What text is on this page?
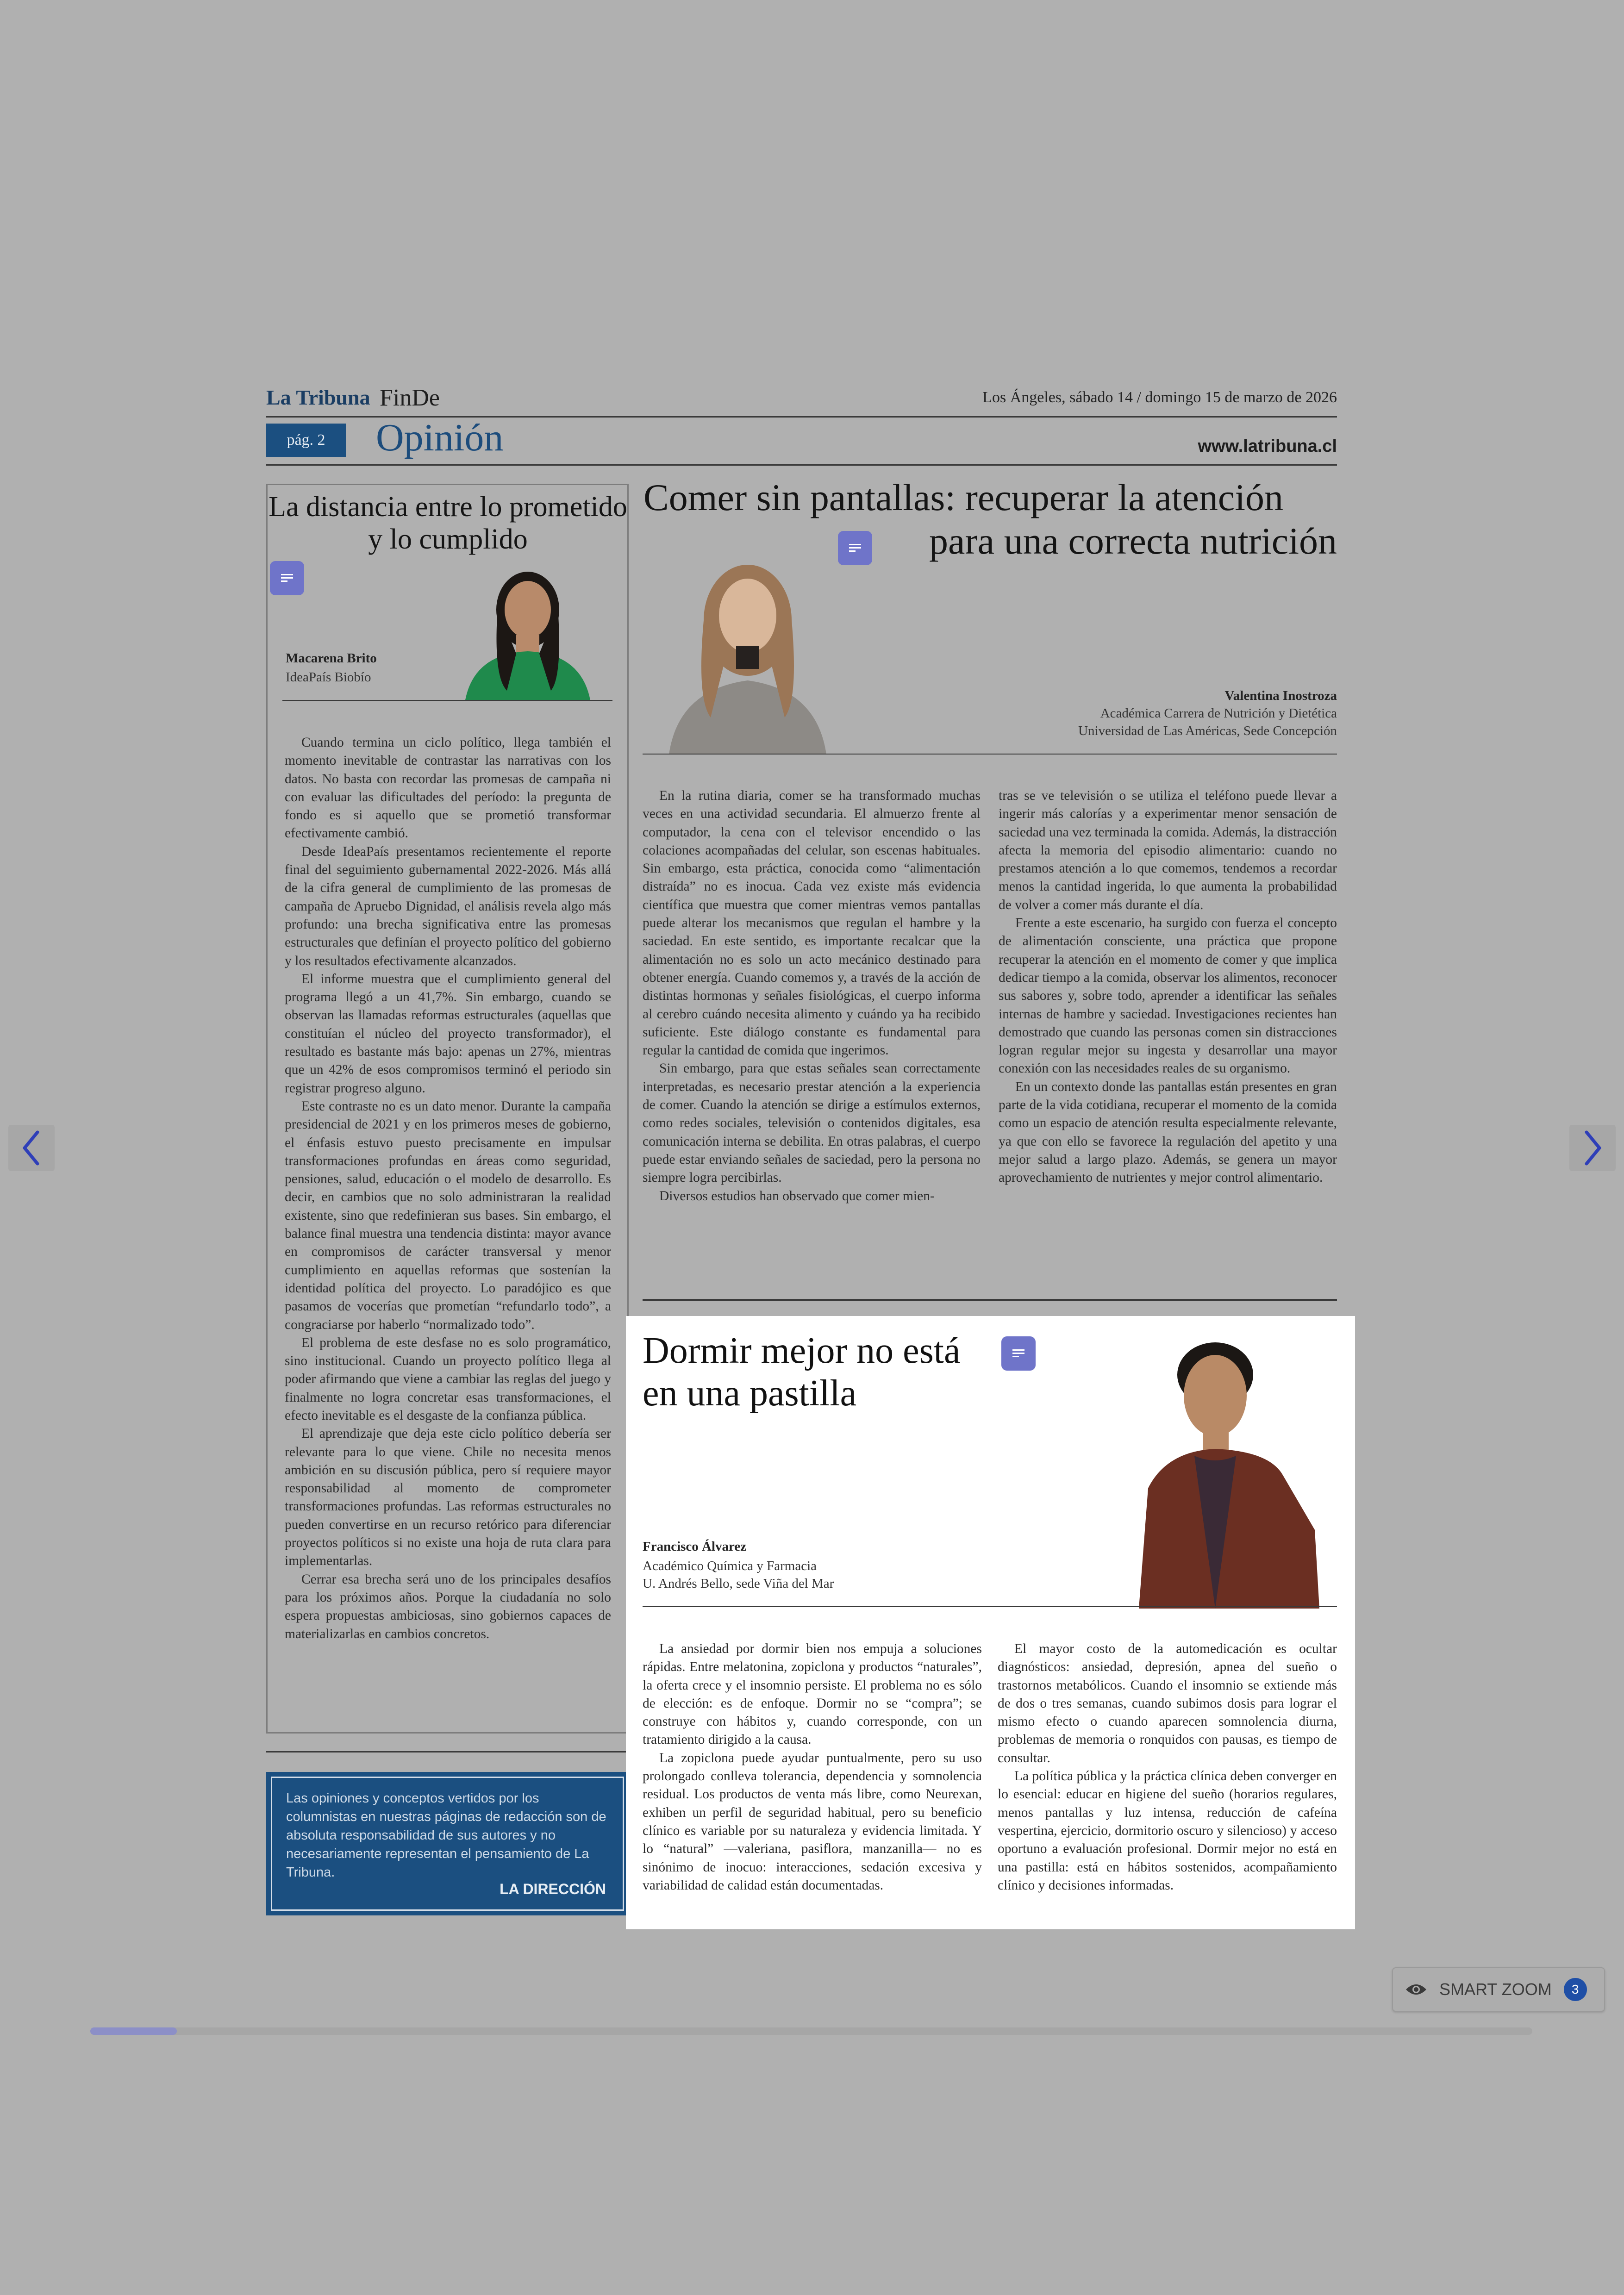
La Tribuna FinDe	Los Ángeles, sábado 14 / domingo 15 de marzo de 2026
pág. 2	Opinión	www.latribuna.cl
La distancia entre lo prometido y lo cumplido
Macarena Brito
IdeaPaís Biobío

Cuando termina un ciclo político, llega también el momento inevitable de contrastar las narrativas con los datos. No basta con recordar las promesas de campaña ni con evaluar las dificultades del período: la pregunta de fondo es si aquello que se prometió transformar efectivamente cambió.

Desde IdeaPaís presentamos recientemente el reporte final del seguimiento gubernamental 2022-2026. Más allá de la cifra general de cumplimiento de las promesas de campaña de Apruebo Dignidad, el análisis revela algo más profundo: una brecha significativa entre las promesas estructurales que definían el proyecto político del gobierno y los resultados efectivamente alcanzados.

El informe muestra que el cumplimiento general del programa llegó a un 41,7%. Sin embargo, cuando se observan las llamadas reformas estructurales (aquellas que constituían el núcleo del proyecto transformador), el resultado es bastante más bajo: apenas un 27%, mientras que un 42% de esos compromisos terminó el periodo sin registrar progreso alguno.

Este contraste no es un dato menor. Durante la campaña presidencial de 2021 y en los primeros meses de gobierno, el énfasis estuvo puesto precisamente en impulsar transformaciones profundas en áreas como seguridad, pensiones, salud, educación o el modelo de desarrollo. Es decir, en cambios que no solo administraran la realidad existente, sino que redefinieran sus bases. Sin embargo, el balance final muestra una tendencia distinta: mayor avance en compromisos de carácter transversal y menor cumplimiento en aquellas reformas que sostenían la identidad política del proyecto. Lo paradójico es que pasamos de vocerías que prometían “refundarlo todo”, a congraciarse por haberlo “normalizado todo”.

El problema de este desfase no es solo programático, sino institucional. Cuando un proyecto político llega al poder afirmando que viene a cambiar las reglas del juego y finalmente no logra concretar esas transformaciones, el efecto inevitable es el desgaste de la confianza pública.

El aprendizaje que deja este ciclo político debería ser relevante para lo que viene. Chile no necesita menos ambición en su discusión pública, pero sí requiere mayor responsabilidad al momento de comprometer transformaciones profundas. Las reformas estructurales no pueden convertirse en un recurso retórico para diferenciar proyectos políticos si no existe una hoja de ruta clara para implementarlas.

Cerrar esa brecha será uno de los principales desafíos para los próximos años. Porque la ciudadanía no solo espera propuestas ambiciosas, sino gobiernos capaces de materializarlas en cambios concretos.

Las opiniones y conceptos vertidos por los columnistas en nuestras páginas de redacción son de absoluta responsabilidad de sus autores y no necesariamente representan el pensamiento de La Tribuna.
LA DIRECCIÓN
Comer sin pantallas: recuperar la atención
para una correcta nutrición
Valentina Inostroza
Académica Carrera de Nutrición y Dietética
Universidad de Las Américas, Sede Concepción

En la rutina diaria, comer se ha transformado muchas veces en una actividad secundaria. El almuerzo frente al computador, la cena con el televisor encendido o las colaciones acompañadas del celular, son escenas habituales. Sin embargo, esta práctica, conocida como “alimentación distraída” no es inocua. Cada vez existe más evidencia científica que muestra que comer mientras vemos pantallas puede alterar los mecanismos que regulan el hambre y la saciedad. En este sentido, es importante recalcar que la alimentación no es solo un acto mecánico destinado para obtener energía. Cuando comemos y, a través de la acción de distintas hormonas y señales fisiológicas, el cuerpo informa al cerebro cuándo necesita alimento y cuándo ya ha recibido suficiente. Este diálogo constante es fundamental para regular la cantidad de comida que ingerimos.

Sin embargo, para que estas señales sean correctamente interpretadas, es necesario prestar atención a la experiencia de comer. Cuando la atención se dirige a estímulos externos, como redes sociales, televisión o contenidos digitales, esa comunicación interna se debilita. En otras palabras, el cuerpo puede estar enviando señales de saciedad, pero la persona no siempre logra percibirlas.

Diversos estudios han observado que comer mien-

tras se ve televisión o se utiliza el teléfono puede llevar a ingerir más calorías y a experimentar menor sensación de saciedad una vez terminada la comida. Además, la distracción afecta la memoria del episodio alimentario: cuando no prestamos atención a lo que comemos, tendemos a recordar menos la cantidad ingerida, lo que aumenta la probabilidad de volver a comer más durante el día.

Frente a este escenario, ha surgido con fuerza el concepto de alimentación consciente, una práctica que propone recuperar la atención en el momento de comer y que implica dedicar tiempo a la comida, observar los alimentos, reconocer sus sabores y, sobre todo, aprender a identificar las señales internas de hambre y saciedad. Investigaciones recientes han demostrado que cuando las personas comen sin distracciones logran regular mejor su ingesta y desarrollar una mayor conexión con las necesidades reales de su organismo.

En un contexto donde las pantallas están presentes en gran parte de la vida cotidiana, recuperar el momento de la comida como un espacio de atención resulta especialmente relevante, ya que con ello se favorece la regulación del apetito y una mejor salud a largo plazo. Además, se genera un mayor aprovechamiento de nutrientes y mejor control alimentario.

Dormir mejor no está
en una pastilla
Francisco Álvarez
Académico Química y Farmacia
U. Andrés Bello, sede Viña del Mar

La ansiedad por dormir bien nos empuja a soluciones rápidas. Entre melatonina, zopiclona y productos “naturales”, la oferta crece y el insomnio persiste. El problema no es sólo de elección: es de enfoque. Dormir no se “compra”; se construye con hábitos y, cuando corresponde, con un tratamiento dirigido a la causa.

La zopiclona puede ayudar puntualmente, pero su uso prolongado conlleva tolerancia, dependencia y somnolencia residual. Los productos de venta más libre, como Neurexan, exhiben un perfil de seguridad habitual, pero su beneficio clínico es variable por su naturaleza y evidencia limitada. Y lo “natural” —valeriana, pasiflora, manzanilla— no es sinónimo de inocuo: interacciones, sedación excesiva y variabilidad de calidad están documentadas.

El mayor costo de la automedicación es ocultar diagnósticos: ansiedad, depresión, apnea del sueño o trastornos metabólicos. Cuando el insomnio se extiende más de dos o tres semanas, cuando subimos dosis para lograr el mismo efecto o cuando aparecen somnolencia diurna, problemas de memoria o ronquidos con pausas, es tiempo de consultar.

La política pública y la práctica clínica deben converger en lo esencial: educar en higiene del sueño (horarios regulares, menos pantallas y luz intensa, reducción de cafeína vespertina, ejercicio, dormitorio oscuro y silencioso) y acceso oportuno a evaluación profesional. Dormir mejor no está en una pastilla: está en hábitos sostenidos, acompañamiento clínico y decisiones informadas.

SMART ZOOM	3
